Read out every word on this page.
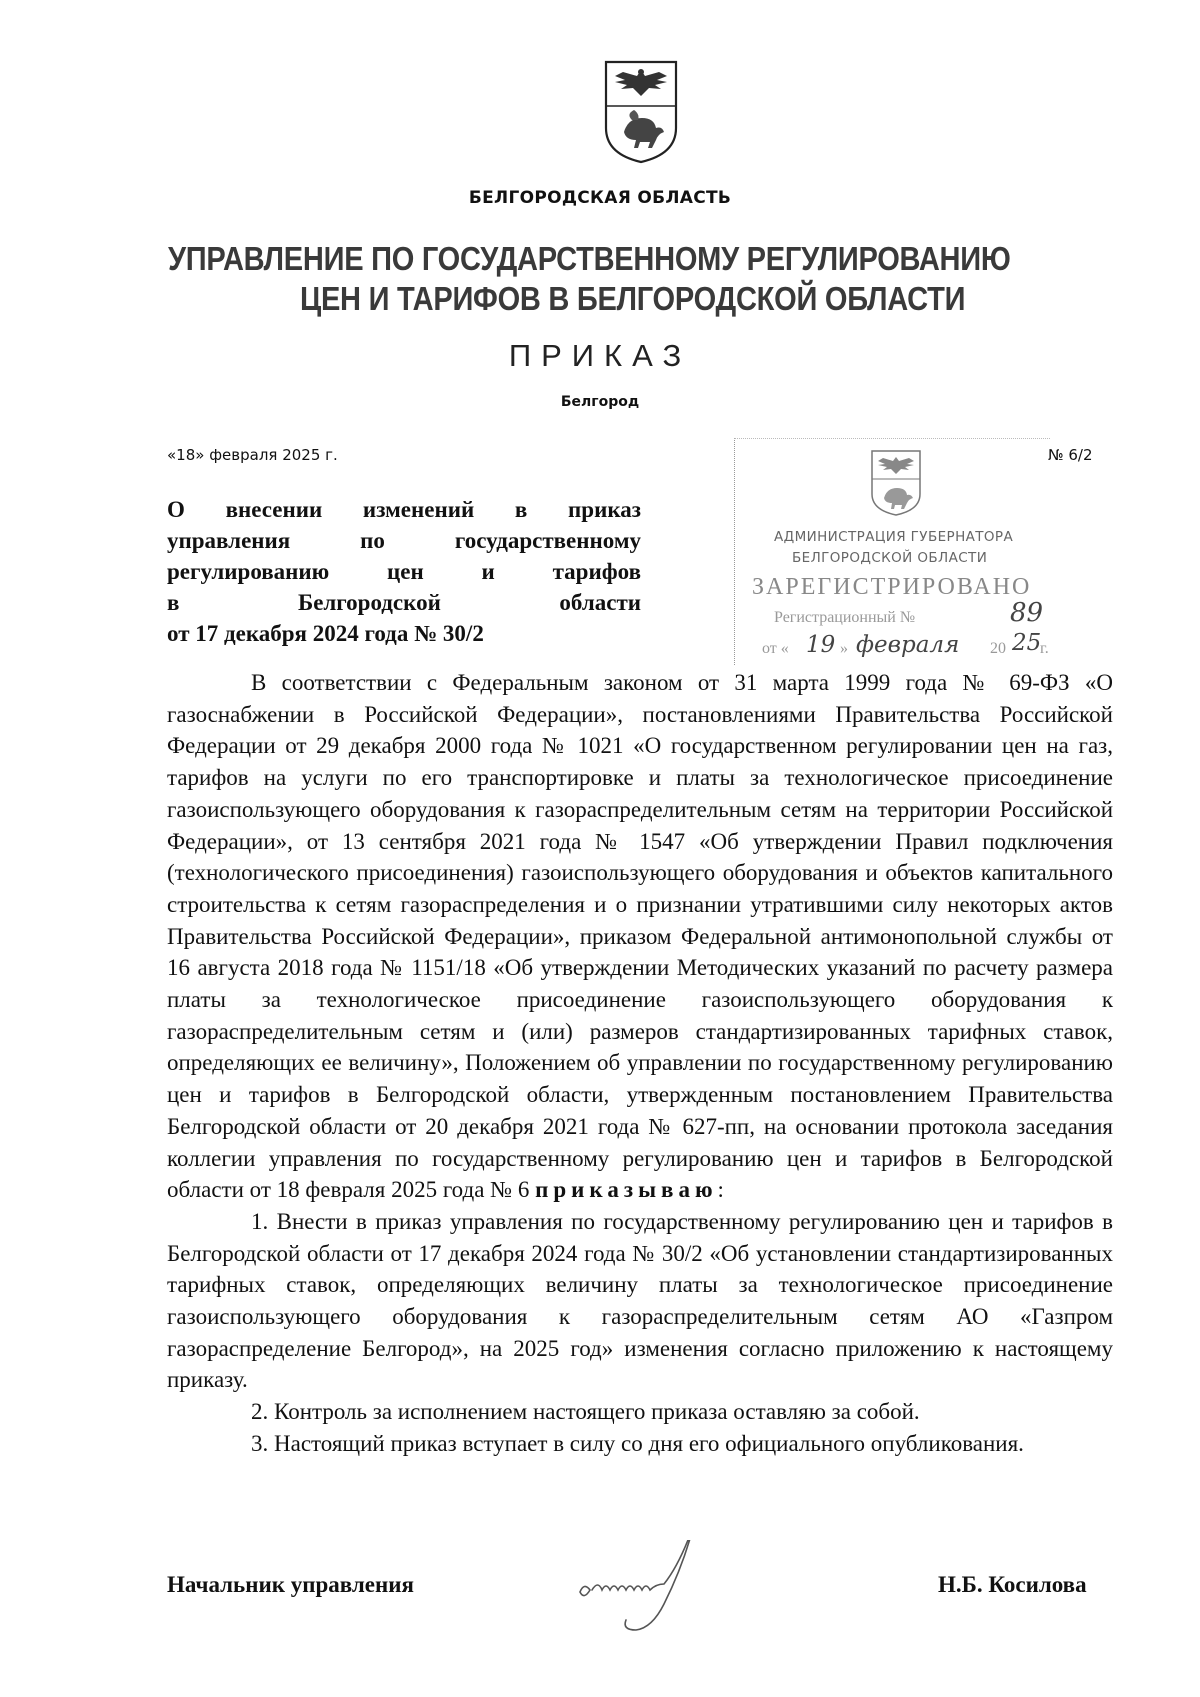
БЕЛГОРОДСКАЯ ОБЛАСТЬ
УПРАВЛЕНИЕ ПО ГОСУДАРСТВЕННОМУ РЕГУЛИРОВАНИЮ
ЦЕН И ТАРИФОВ В БЕЛГОРОДСКОЙ ОБЛАСТИ
ПРИКАЗ
Белгород
«18» февраля 2025 г.	№ 6/2
О внесении изменений в приказ
управления по государственному
регулированию цен и тарифов
в Белгородской области
от 17 декабря 2024 года № 30/2
АДМИНИСТРАЦИЯ ГУБЕРНАТОРА
БЕЛГОРОДСКОЙ ОБЛАСТИ
ЗАРЕГИСТРИРОВАНО
Регистрационный №	89
от « 19 » февраля 20 25
г.

В соответствии с Федеральным законом от 31 марта 1999 года № 69-ФЗ «О газоснабжении в Российской Федерации», постановлениями Правительства Российской Федерации от 29 декабря 2000 года № 1021 «О государственном регулировании цен на газ, тарифов на услуги по его транспортировке и платы за технологическое присоединение газоиспользующего оборудования к газораспределительным сетям на территории Российской Федерации», от 13 сентября 2021 года № 1547 «Об утверждении Правил подключения (технологического присоединения) газоиспользующего оборудования и объектов капитального строительства к сетям газораспределения и о признании утратившими силу некоторых актов Правительства Российской Федерации», приказом Федеральной антимонопольной службы от 16 августа 2018 года № 1151/18 «Об утверждении Методических указаний по расчету размера платы за технологическое присоединение газоиспользующего оборудования к газораспределительным сетям и (или) размеров стандартизированных тарифных ставок, определяющих ее величину», Положением об управлении по государственному регулированию цен и тарифов в Белгородской области, утвержденным постановлением Правительства Белгородской области от 20 декабря 2021 года № 627-пп, на основании протокола заседания коллегии управления по государственному регулированию цен и тарифов в Белгородской области от 18 февраля 2025 года № 6 приказываю:

1. Внести в приказ управления по государственному регулированию цен и тарифов в Белгородской области от 17 декабря 2024 года № 30/2 «Об установлении стандартизированных тарифных ставок, определяющих величину платы за технологическое присоединение газоиспользующего оборудования к газораспределительным сетям АО «Газпром газораспределение Белгород», на 2025 год» изменения согласно приложению к настоящему приказу.

2. Контроль за исполнением настоящего приказа оставляю за собой.

3. Настоящий приказ вступает в силу со дня его официального опубликования.

Начальник управления	Н.Б. Косилова
